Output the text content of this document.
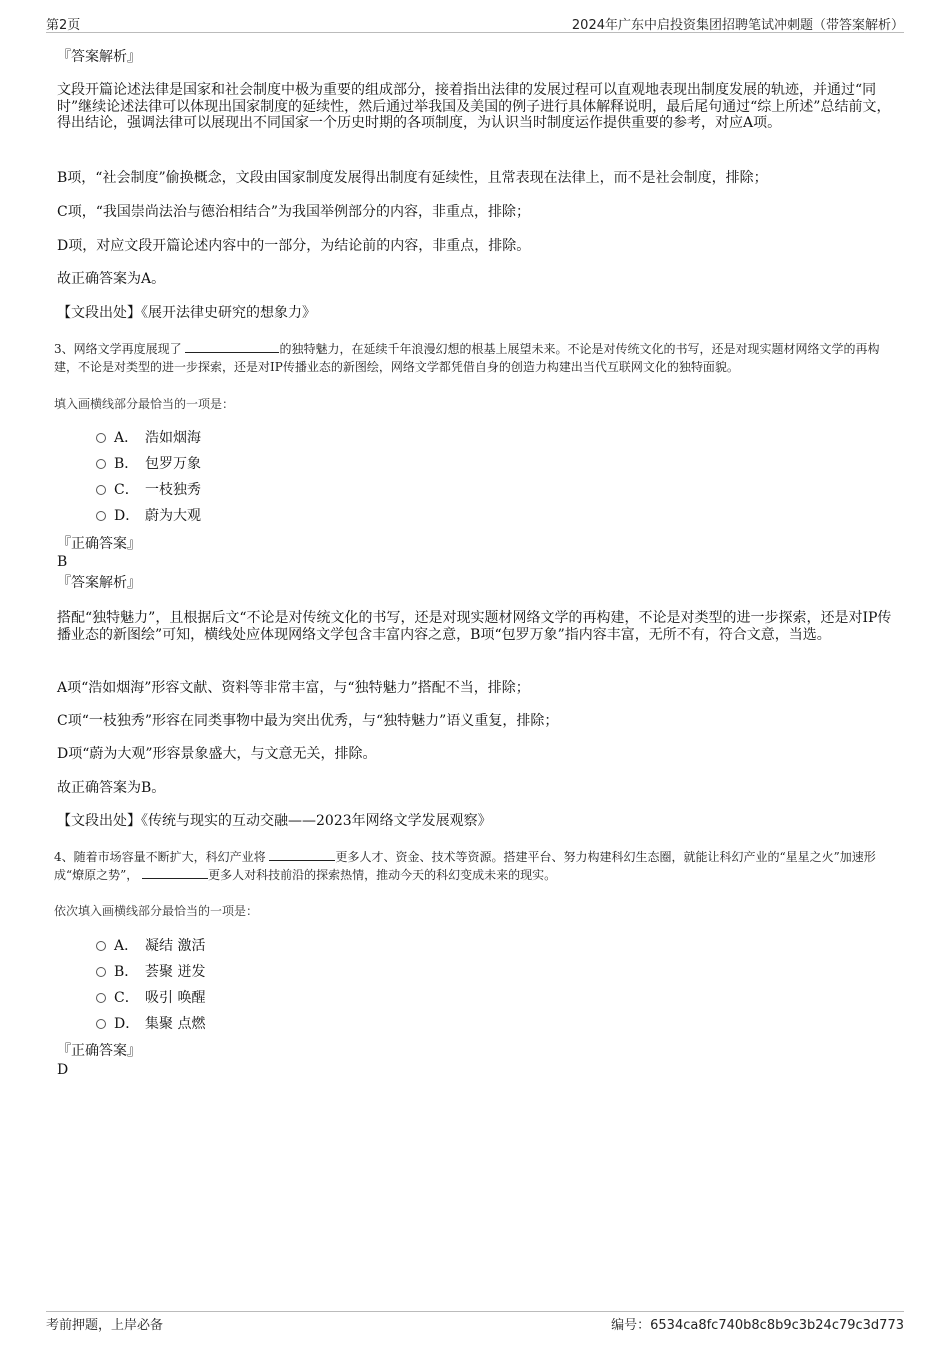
第2页	2024年广东中启投资集团招聘笔试冲刺题（带答案解析）
『答案解析』

文段开篇论述法律是国家和社会制度中极为重要的组成部分，接着指出法律的发展过程可以直观地表现出制度发展的轨迹，并通过“同时”继续论述法律可以体现出国家制度的延续性，然后通过举我国及美国的例子进行具体解释说明，最后尾句通过“综上所述”总结前文，得出结论，强调法律可以展现出不同国家一个历史时期的各项制度，为认识当时制度运作提供重要的参考，对应A项。

B项，“社会制度”偷换概念，文段由国家制度发展得出制度有延续性，且常表现在法律上，而不是社会制度，排除；

C项，“我国崇尚法治与德治相结合”为我国举例部分的内容，非重点，排除；

D项，对应文段开篇论述内容中的一部分，为结论前的内容，非重点，排除。

故正确答案为A。

【文段出处】《展开法律史研究的想象力》
3、网络文学再度展现了	的独特魅力，在延续千年浪漫幻想的根基上展望未来。不论是对传统文化的书写，还是对现实题材网络文学的再构建，不论是对类型的进一步探索，还是对IP传播业态的新图绘，网络文学都凭借自身的创造力构建出当代互联网文化的独特面貌。
填入画横线部分最恰当的一项是：
A． 浩如烟海
B． 包罗万象
C． 一枝独秀
D． 蔚为大观
『正确答案』
B
『答案解析』

搭配“独特魅力”，且根据后文“不论是对传统文化的书写，还是对现实题材网络文学的再构建，不论是对类型的进一步探索，还是对IP传播业态的新图绘”可知，横线处应体现网络文学包含丰富内容之意，B项“包罗万象”指内容丰富，无所不有，符合文意，当选。

A项“浩如烟海”形容文献、资料等非常丰富，与“独特魅力”搭配不当，排除；

C项“一枝独秀”形容在同类事物中最为突出优秀，与“独特魅力”语义重复，排除；

D项“蔚为大观”形容景象盛大，与文意无关，排除。

故正确答案为B。

【文段出处】《传统与现实的互动交融——2023年网络文学发展观察》
4、随着市场容量不断扩大，科幻产业将	更多人才、资金、技术等资源。搭建平台、努力构建科幻生态圈，就能让科幻产业的“星星之火”加速形成“燎原之势”，	更多人对科技前沿的探索热情，推动今天的科幻变成未来的现实。
依次填入画横线部分最恰当的一项是：
A． 凝结 激活
B． 荟聚 迸发
C． 吸引 唤醒
D． 集聚 点燃
『正确答案』
D
考前押题，上岸必备	编号：6534ca8fc740b8c8b9c3b24c79c3d773
